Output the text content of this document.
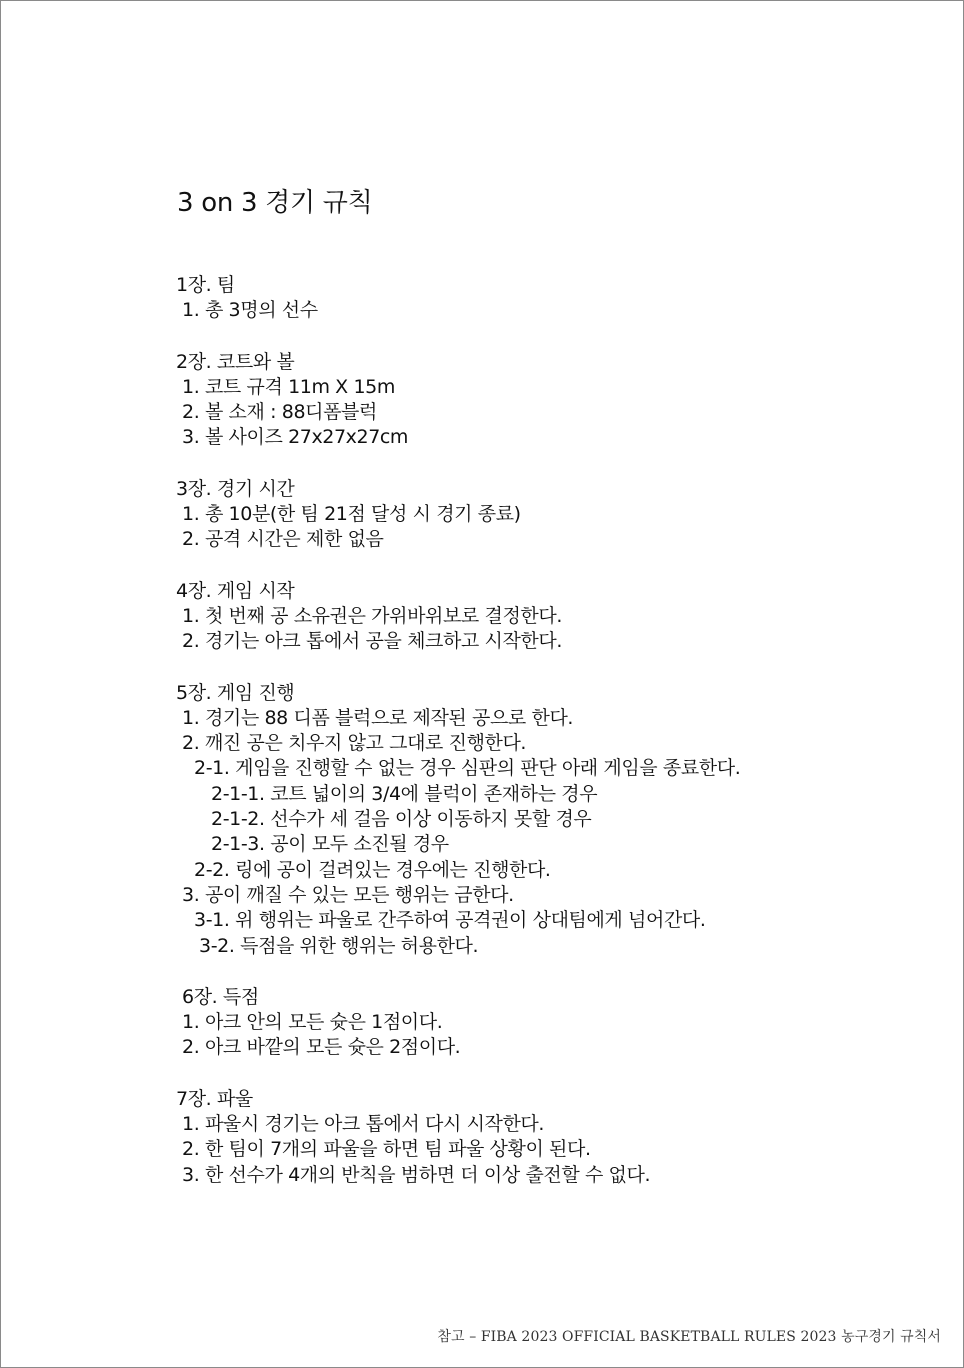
3 on 3 경기 규칙
1장. 팀
1. 총 3명의 선수
2장. 코트와 볼
1. 코트 규격 11m X 15m
2. 볼 소재 : 88디폼블럭
3. 볼 사이즈 27x27x27cm
3장. 경기 시간
1. 총 10분(한 팀 21점 달성 시 경기 종료)
2. 공격 시간은 제한 없음
4장. 게임 시작
1. 첫 번째 공 소유권은 가위바위보로 결정한다.
2. 경기는 아크 톱에서 공을 체크하고 시작한다.
5장. 게임 진행
1. 경기는 88 디폼 블럭으로 제작된 공으로 한다.
2. 깨진 공은 치우지 않고 그대로 진행한다.
2-1. 게임을 진행할 수 없는 경우 심판의 판단 아래 게임을 종료한다.
2-1-1. 코트 넓이의 3/4에 블럭이 존재하는 경우
2-1-2. 선수가 세 걸음 이상 이동하지 못할 경우
2-1-3. 공이 모두 소진될 경우
2-2. 링에 공이 걸려있는 경우에는 진행한다.
3. 공이 깨질 수 있는 모든 행위는 금한다.
3-1. 위 행위는 파울로 간주하여 공격권이 상대팀에게 넘어간다.
3-2. 득점을 위한 행위는 허용한다.
6장. 득점
1. 아크 안의 모든 슛은 1점이다.
2. 아크 바깥의 모든 슛은 2점이다.
7장. 파울
1. 파울시 경기는 아크 톱에서 다시 시작한다.
2. 한 팀이 7개의 파울을 하면 팀 파울 상황이 된다.
3. 한 선수가 4개의 반칙을 범하면 더 이상 출전할 수 없다.
참고 – FIBA 2023 OFFICIAL BASKETBALL RULES 2023 농구경기 규칙서
